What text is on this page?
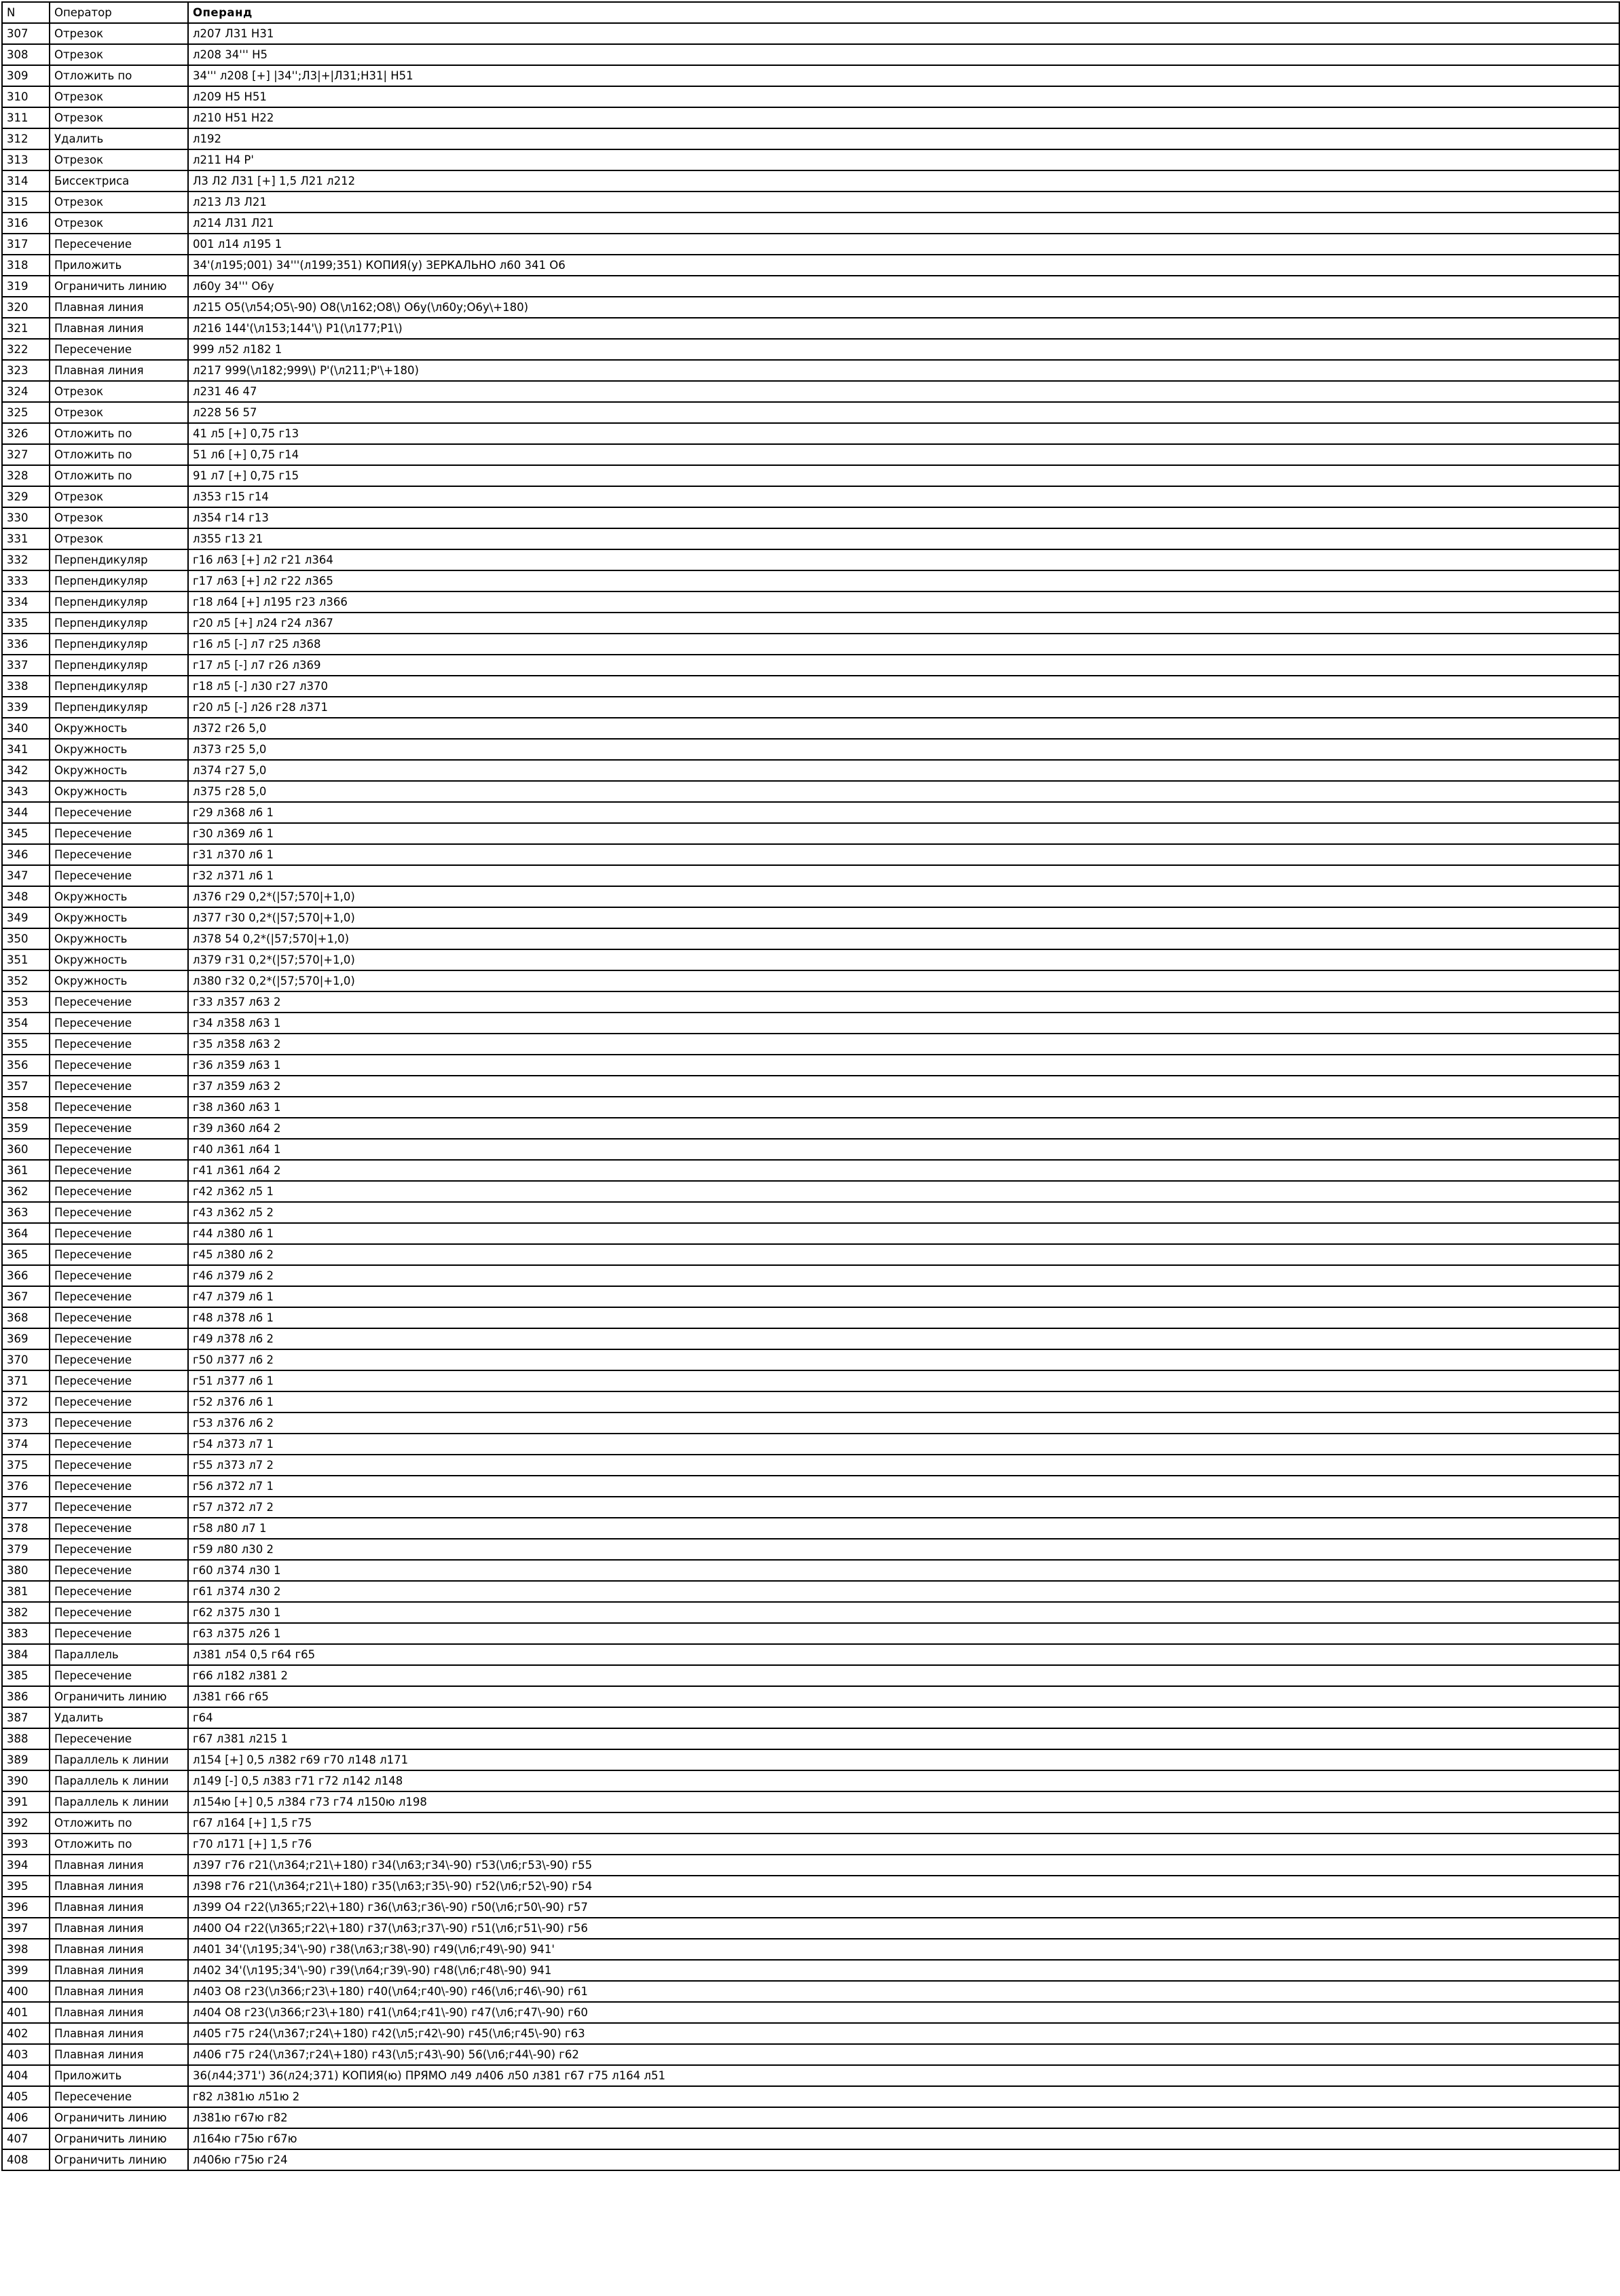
N	Оператор	Операнд
307	Отрезок	л207 Л31 Н31
308	Отрезок	л208 34''' Н5
309	Отложить по	34''' л208 [+] |34'';Л3|+|Л31;Н31| Н51
310	Отрезок	л209 Н5 Н51
311	Отрезок	л210 Н51 Н22
312	Удалить	л192
313	Отрезок	л211 Н4 Р'
314	Биссектриса	Л3 Л2 Л31 [+] 1,5 Л21 л212
315	Отрезок	л213 Л3 Л21
316	Отрезок	л214 Л31 Л21
317	Пересечение	001 л14 л195 1
318	Приложить	34'(л195;001) 34'''(л199;351) КОПИЯ(у) ЗЕРКАЛЬНО л60 341 О6
319	Ограничить линию	л60у 34''' О6у
320	Плавная линия	л215 О5(\л54;О5\-90) О8(\л162;О8\) О6у(\л60у;О6у\+180)
321	Плавная линия	л216 144'(\л153;144'\) Р1(\л177;Р1\)
322	Пересечение	999 л52 л182 1
323	Плавная линия	л217 999(\л182;999\) Р'(\л211;Р'\+180)
324	Отрезок	л231 46 47
325	Отрезок	л228 56 57
326	Отложить по	41 л5 [+] 0,75 г13
327	Отложить по	51 л6 [+] 0,75 г14
328	Отложить по	91 л7 [+] 0,75 г15
329	Отрезок	л353 г15 г14
330	Отрезок	л354 г14 г13
331	Отрезок	л355 г13 21
332	Перпендикуляр	г16 л63 [+] л2 г21 л364
333	Перпендикуляр	г17 л63 [+] л2 г22 л365
334	Перпендикуляр	г18 л64 [+] л195 г23 л366
335	Перпендикуляр	г20 л5 [+] л24 г24 л367
336	Перпендикуляр	г16 л5 [-] л7 г25 л368
337	Перпендикуляр	г17 л5 [-] л7 г26 л369
338	Перпендикуляр	г18 л5 [-] л30 г27 л370
339	Перпендикуляр	г20 л5 [-] л26 г28 л371
340	Окружность	л372 г26 5,0
341	Окружность	л373 г25 5,0
342	Окружность	л374 г27 5,0
343	Окружность	л375 г28 5,0
344	Пересечение	г29 л368 л6 1
345	Пересечение	г30 л369 л6 1
346	Пересечение	г31 л370 л6 1
347	Пересечение	г32 л371 л6 1
348	Окружность	л376 г29 0,2*(|57;570|+1,0)
349	Окружность	л377 г30 0,2*(|57;570|+1,0)
350	Окружность	л378 54 0,2*(|57;570|+1,0)
351	Окружность	л379 г31 0,2*(|57;570|+1,0)
352	Окружность	л380 г32 0,2*(|57;570|+1,0)
353	Пересечение	г33 л357 л63 2
354	Пересечение	г34 л358 л63 1
355	Пересечение	г35 л358 л63 2
356	Пересечение	г36 л359 л63 1
357	Пересечение	г37 л359 л63 2
358	Пересечение	г38 л360 л63 1
359	Пересечение	г39 л360 л64 2
360	Пересечение	г40 л361 л64 1
361	Пересечение	г41 л361 л64 2
362	Пересечение	г42 л362 л5 1
363	Пересечение	г43 л362 л5 2
364	Пересечение	г44 л380 л6 1
365	Пересечение	г45 л380 л6 2
366	Пересечение	г46 л379 л6 2
367	Пересечение	г47 л379 л6 1
368	Пересечение	г48 л378 л6 1
369	Пересечение	г49 л378 л6 2
370	Пересечение	г50 л377 л6 2
371	Пересечение	г51 л377 л6 1
372	Пересечение	г52 л376 л6 1
373	Пересечение	г53 л376 л6 2
374	Пересечение	г54 л373 л7 1
375	Пересечение	г55 л373 л7 2
376	Пересечение	г56 л372 л7 1
377	Пересечение	г57 л372 л7 2
378	Пересечение	г58 л80 л7 1
379	Пересечение	г59 л80 л30 2
380	Пересечение	г60 л374 л30 1
381	Пересечение	г61 л374 л30 2
382	Пересечение	г62 л375 л30 1
383	Пересечение	г63 л375 л26 1
384	Параллель	л381 л54 0,5 г64 г65
385	Пересечение	г66 л182 л381 2
386	Ограничить линию	л381 г66 г65
387	Удалить	г64
388	Пересечение	г67 л381 л215 1
389	Параллель к линии	л154 [+] 0,5 л382 г69 г70 л148 л171
390	Параллель к линии	л149 [-] 0,5 л383 г71 г72 л142 л148
391	Параллель к линии	л154ю [+] 0,5 л384 г73 г74 л150ю л198
392	Отложить по	г67 л164 [+] 1,5 г75
393	Отложить по	г70 л171 [+] 1,5 г76
394	Плавная линия	л397 г76 г21(\л364;г21\+180) г34(\л63;г34\-90) г53(\л6;г53\-90) г55
395	Плавная линия	л398 г76 г21(\л364;г21\+180) г35(\л63;г35\-90) г52(\л6;г52\-90) г54
396	Плавная линия	л399 О4 г22(\л365;г22\+180) г36(\л63;г36\-90) г50(\л6;г50\-90) г57
397	Плавная линия	л400 О4 г22(\л365;г22\+180) г37(\л63;г37\-90) г51(\л6;г51\-90) г56
398	Плавная линия	л401 34'(\л195;34'\-90) г38(\л63;г38\-90) г49(\л6;г49\-90) 941'
399	Плавная линия	л402 34'(\л195;34'\-90) г39(\л64;г39\-90) г48(\л6;г48\-90) 941
400	Плавная линия	л403 О8 г23(\л366;г23\+180) г40(\л64;г40\-90) г46(\л6;г46\-90) г61
401	Плавная линия	л404 О8 г23(\л366;г23\+180) г41(\л64;г41\-90) г47(\л6;г47\-90) г60
402	Плавная линия	л405 г75 г24(\л367;г24\+180) г42(\л5;г42\-90) г45(\л6;г45\-90) г63
403	Плавная линия	л406 г75 г24(\л367;г24\+180) г43(\л5;г43\-90) 56(\л6;г44\-90) г62
404	Приложить	36(л44;371') 36(л24;371) КОПИЯ(ю) ПРЯМО л49 л406 л50 л381 г67 г75 л164 л51
405	Пересечение	г82 л381ю л51ю 2
406	Ограничить линию	л381ю г67ю г82
407	Ограничить линию	л164ю г75ю г67ю
408	Ограничить линию	л406ю г75ю г24
